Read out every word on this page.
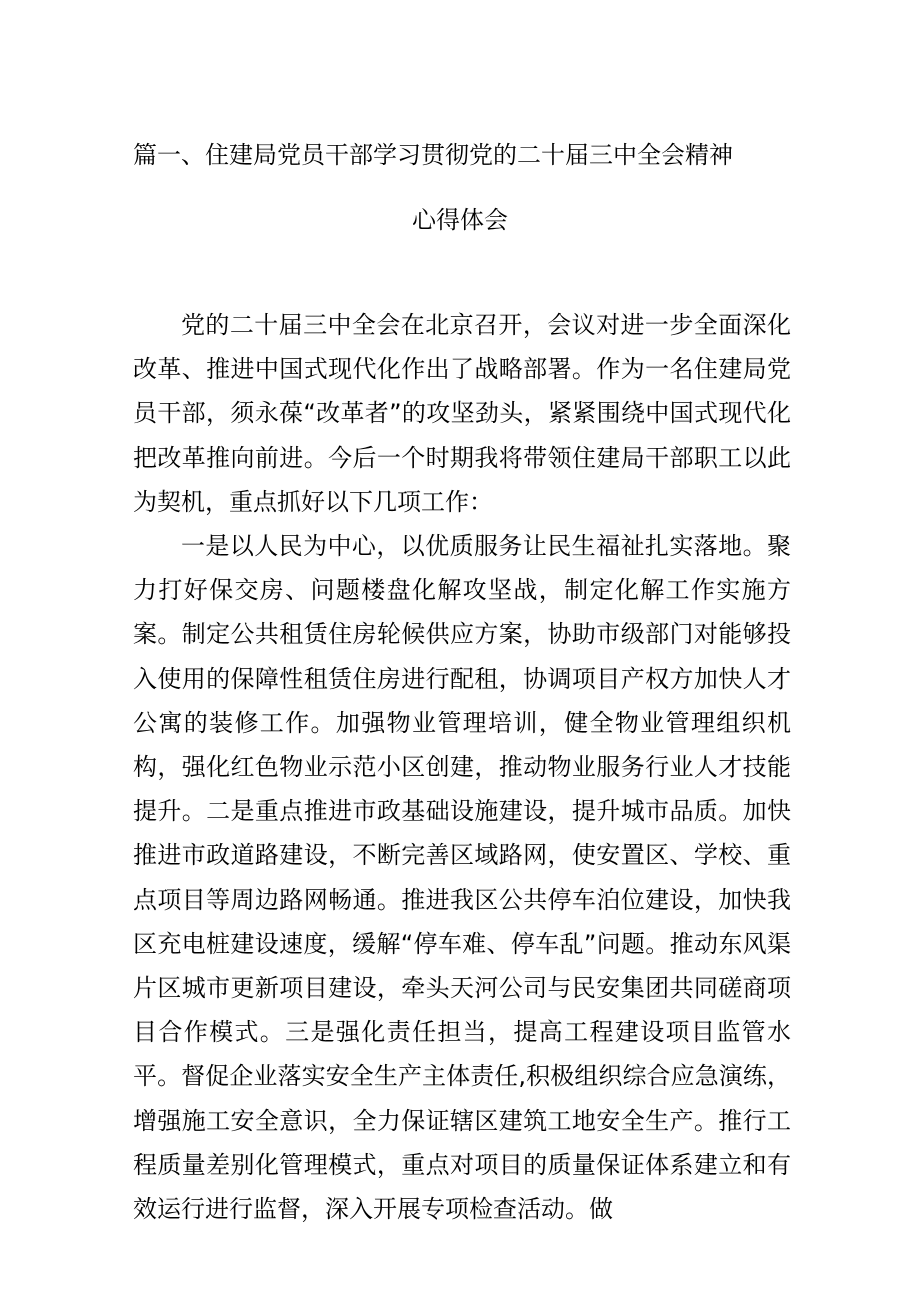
篇一、住建局党员干部学习贯彻党的二十届三中全会精神
心得体会

党的二十届三中全会在北京召开，会议对进一步全面深化改革、推进中国式现代化作出了战略部署。作为一名住建局党员干部，须永葆“改革者”的攻坚劲头，紧紧围绕中国式现代化把改革推向前进。今后一个时期我将带领住建局干部职工以此为契机，重点抓好以下几项工作：

一是以人民为中心，以优质服务让民生福祉扎实落地。聚力打好保交房、问题楼盘化解攻坚战，制定化解工作实施方案。制定公共租赁住房轮候供应方案，协助市级部门对能够投入使用的保障性租赁住房进行配租，协调项目产权方加快人才公寓的装修工作。加强物业管理培训，健全物业管理组织机构，强化红色物业示范小区创建，推动物业服务行业人才技能提升。二是重点推进市政基础设施建设，提升城市品质。加快推进市政道路建设，不断完善区域路网，使安置区、学校、重点项目等周边路网畅通。推进我区公共停车泊位建设，加快我区充电桩建设速度，缓解“停车难、停车乱”问题。推动东风渠片区城市更新项目建设，牵头天河公司与民安集团共同磋商项目合作模式。三是强化责任担当，提高工程建设项目监管水平。督促企业落实安全生产主体责任,积极组织综合应急演练，增强施工安全意识，全力保证辖区建筑工地安全生产。推行工程质量差别化管理模式，重点对项目的质量保证体系建立和有效运行进行监督，深入开展专项检查活动。做
